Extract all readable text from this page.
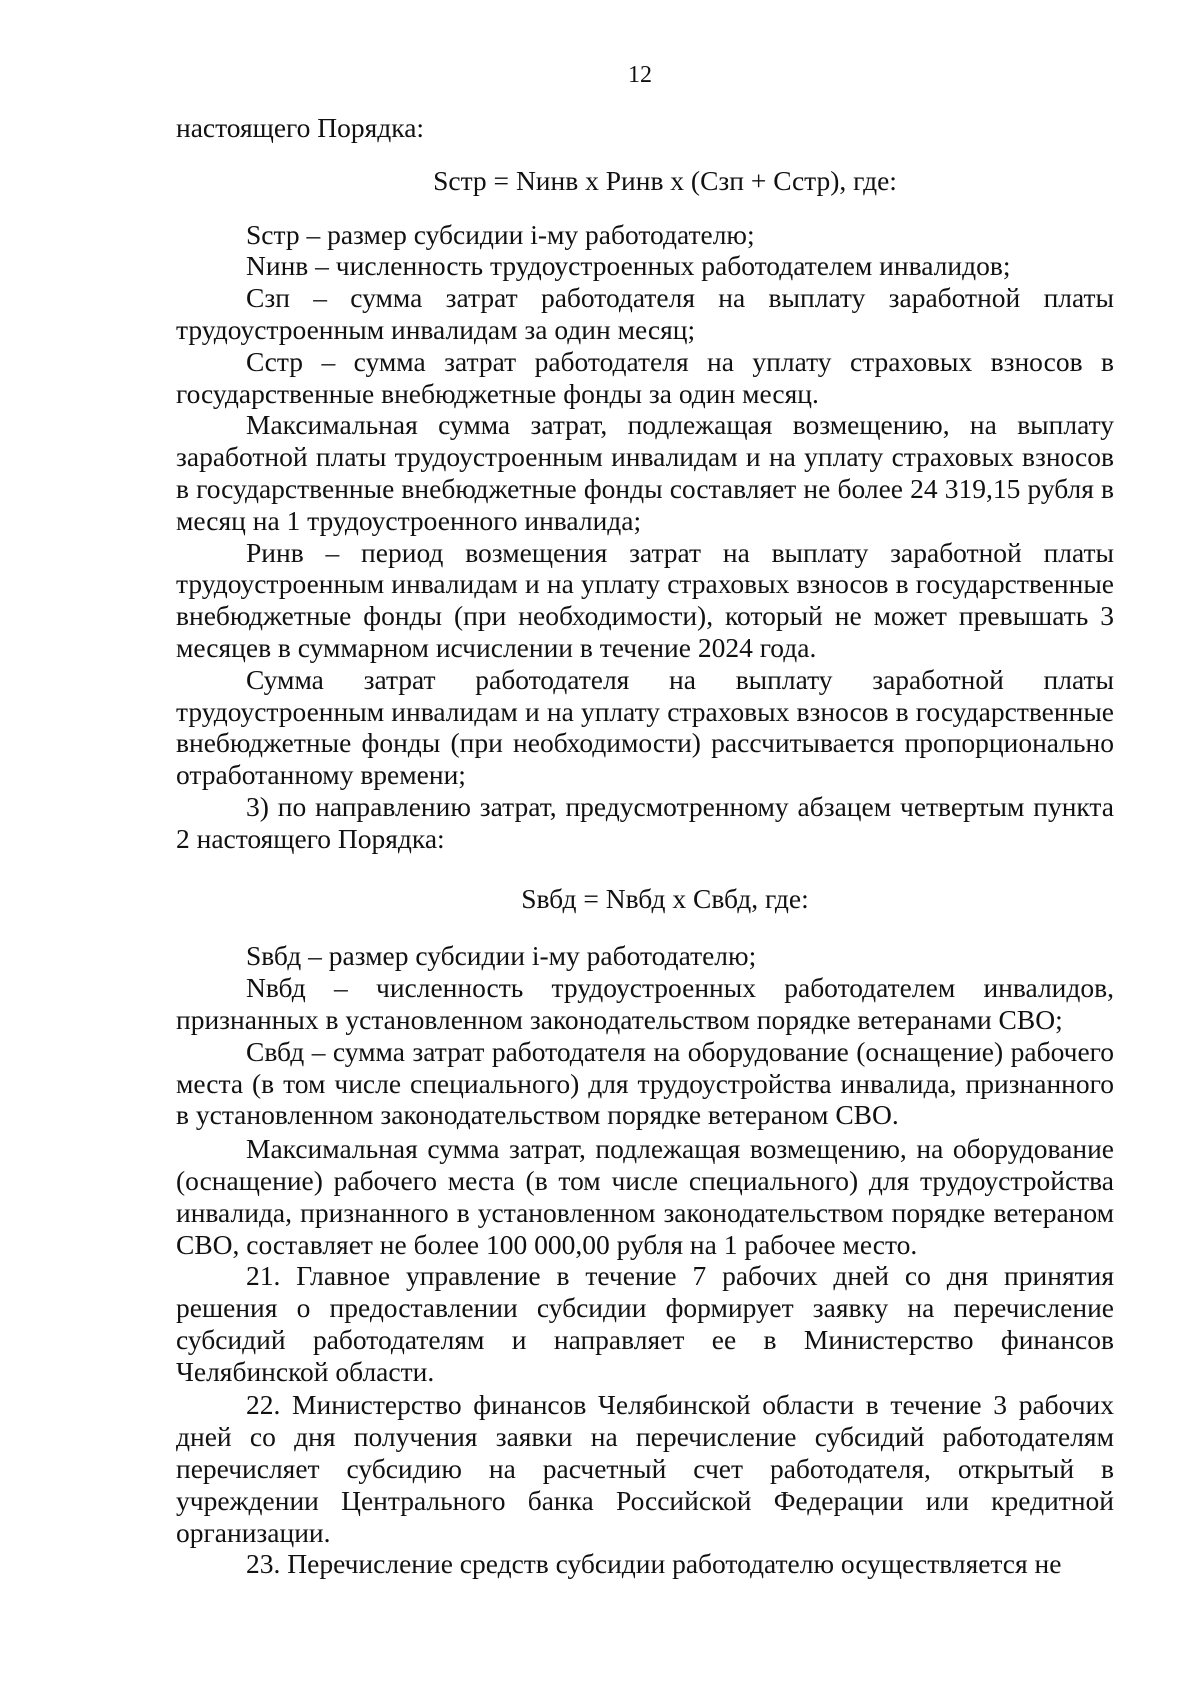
12

настоящего Порядка:

Sстр = Nинв x Pинв x (Сзп + Сстр), где:

Sстр – размер субсидии i-му работодателю;

Nинв – численность трудоустроенных работодателем инвалидов;

Сзп – сумма затрат работодателя на выплату заработной платы трудоустроенным инвалидам за один месяц;

Сстр – сумма затрат работодателя на уплату страховых взносов в государственные внебюджетные фонды за один месяц.

Максимальная сумма затрат, подлежащая возмещению, на выплату заработной платы трудоустроенным инвалидам и на уплату страховых взносов в государственные внебюджетные фонды составляет не более 24 319,15 рубля в месяц на 1 трудоустроенного инвалида;

Pинв – период возмещения затрат на выплату заработной платы трудоустроенным инвалидам и на уплату страховых взносов в государственные внебюджетные фонды (при необходимости), который не может превышать 3 месяцев в суммарном исчислении в течение 2024 года.

Сумма затрат работодателя на выплату заработной платы трудоустроенным инвалидам и на уплату страховых взносов в государственные внебюджетные фонды (при необходимости) рассчитывается пропорционально отработанному времени;

3) по направлению затрат, предусмотренному абзацем четвертым пункта 2 настоящего Порядка:

Sвбд = Nвбд x Свбд, где:

Sвбд – размер субсидии i-му работодателю;

Nвбд – численность трудоустроенных работодателем инвалидов, признанных в установленном законодательством порядке ветеранами СВО;

Свбд – сумма затрат работодателя на оборудование (оснащение) рабочего места (в том числе специального) для трудоустройства инвалида, признанного в установленном законодательством порядке ветераном СВО.

Максимальная сумма затрат, подлежащая возмещению, на оборудование (оснащение) рабочего места (в том числе специального) для трудоустройства инвалида, признанного в установленном законодательством порядке ветераном СВО, составляет не более 100 000,00 рубля на 1 рабочее место.

21. Главное управление в течение 7 рабочих дней со дня принятия решения о предоставлении субсидии формирует заявку на перечисление субсидий работодателям и направляет ее в Министерство финансов Челябинской области.

22. Министерство финансов Челябинской области в течение 3 рабочих дней со дня получения заявки на перечисление субсидий работодателям перечисляет субсидию на расчетный счет работодателя, открытый в учреждении Центрального банка Российской Федерации или кредитной организации.

23. Перечисление средств субсидии работодателю осуществляется не
